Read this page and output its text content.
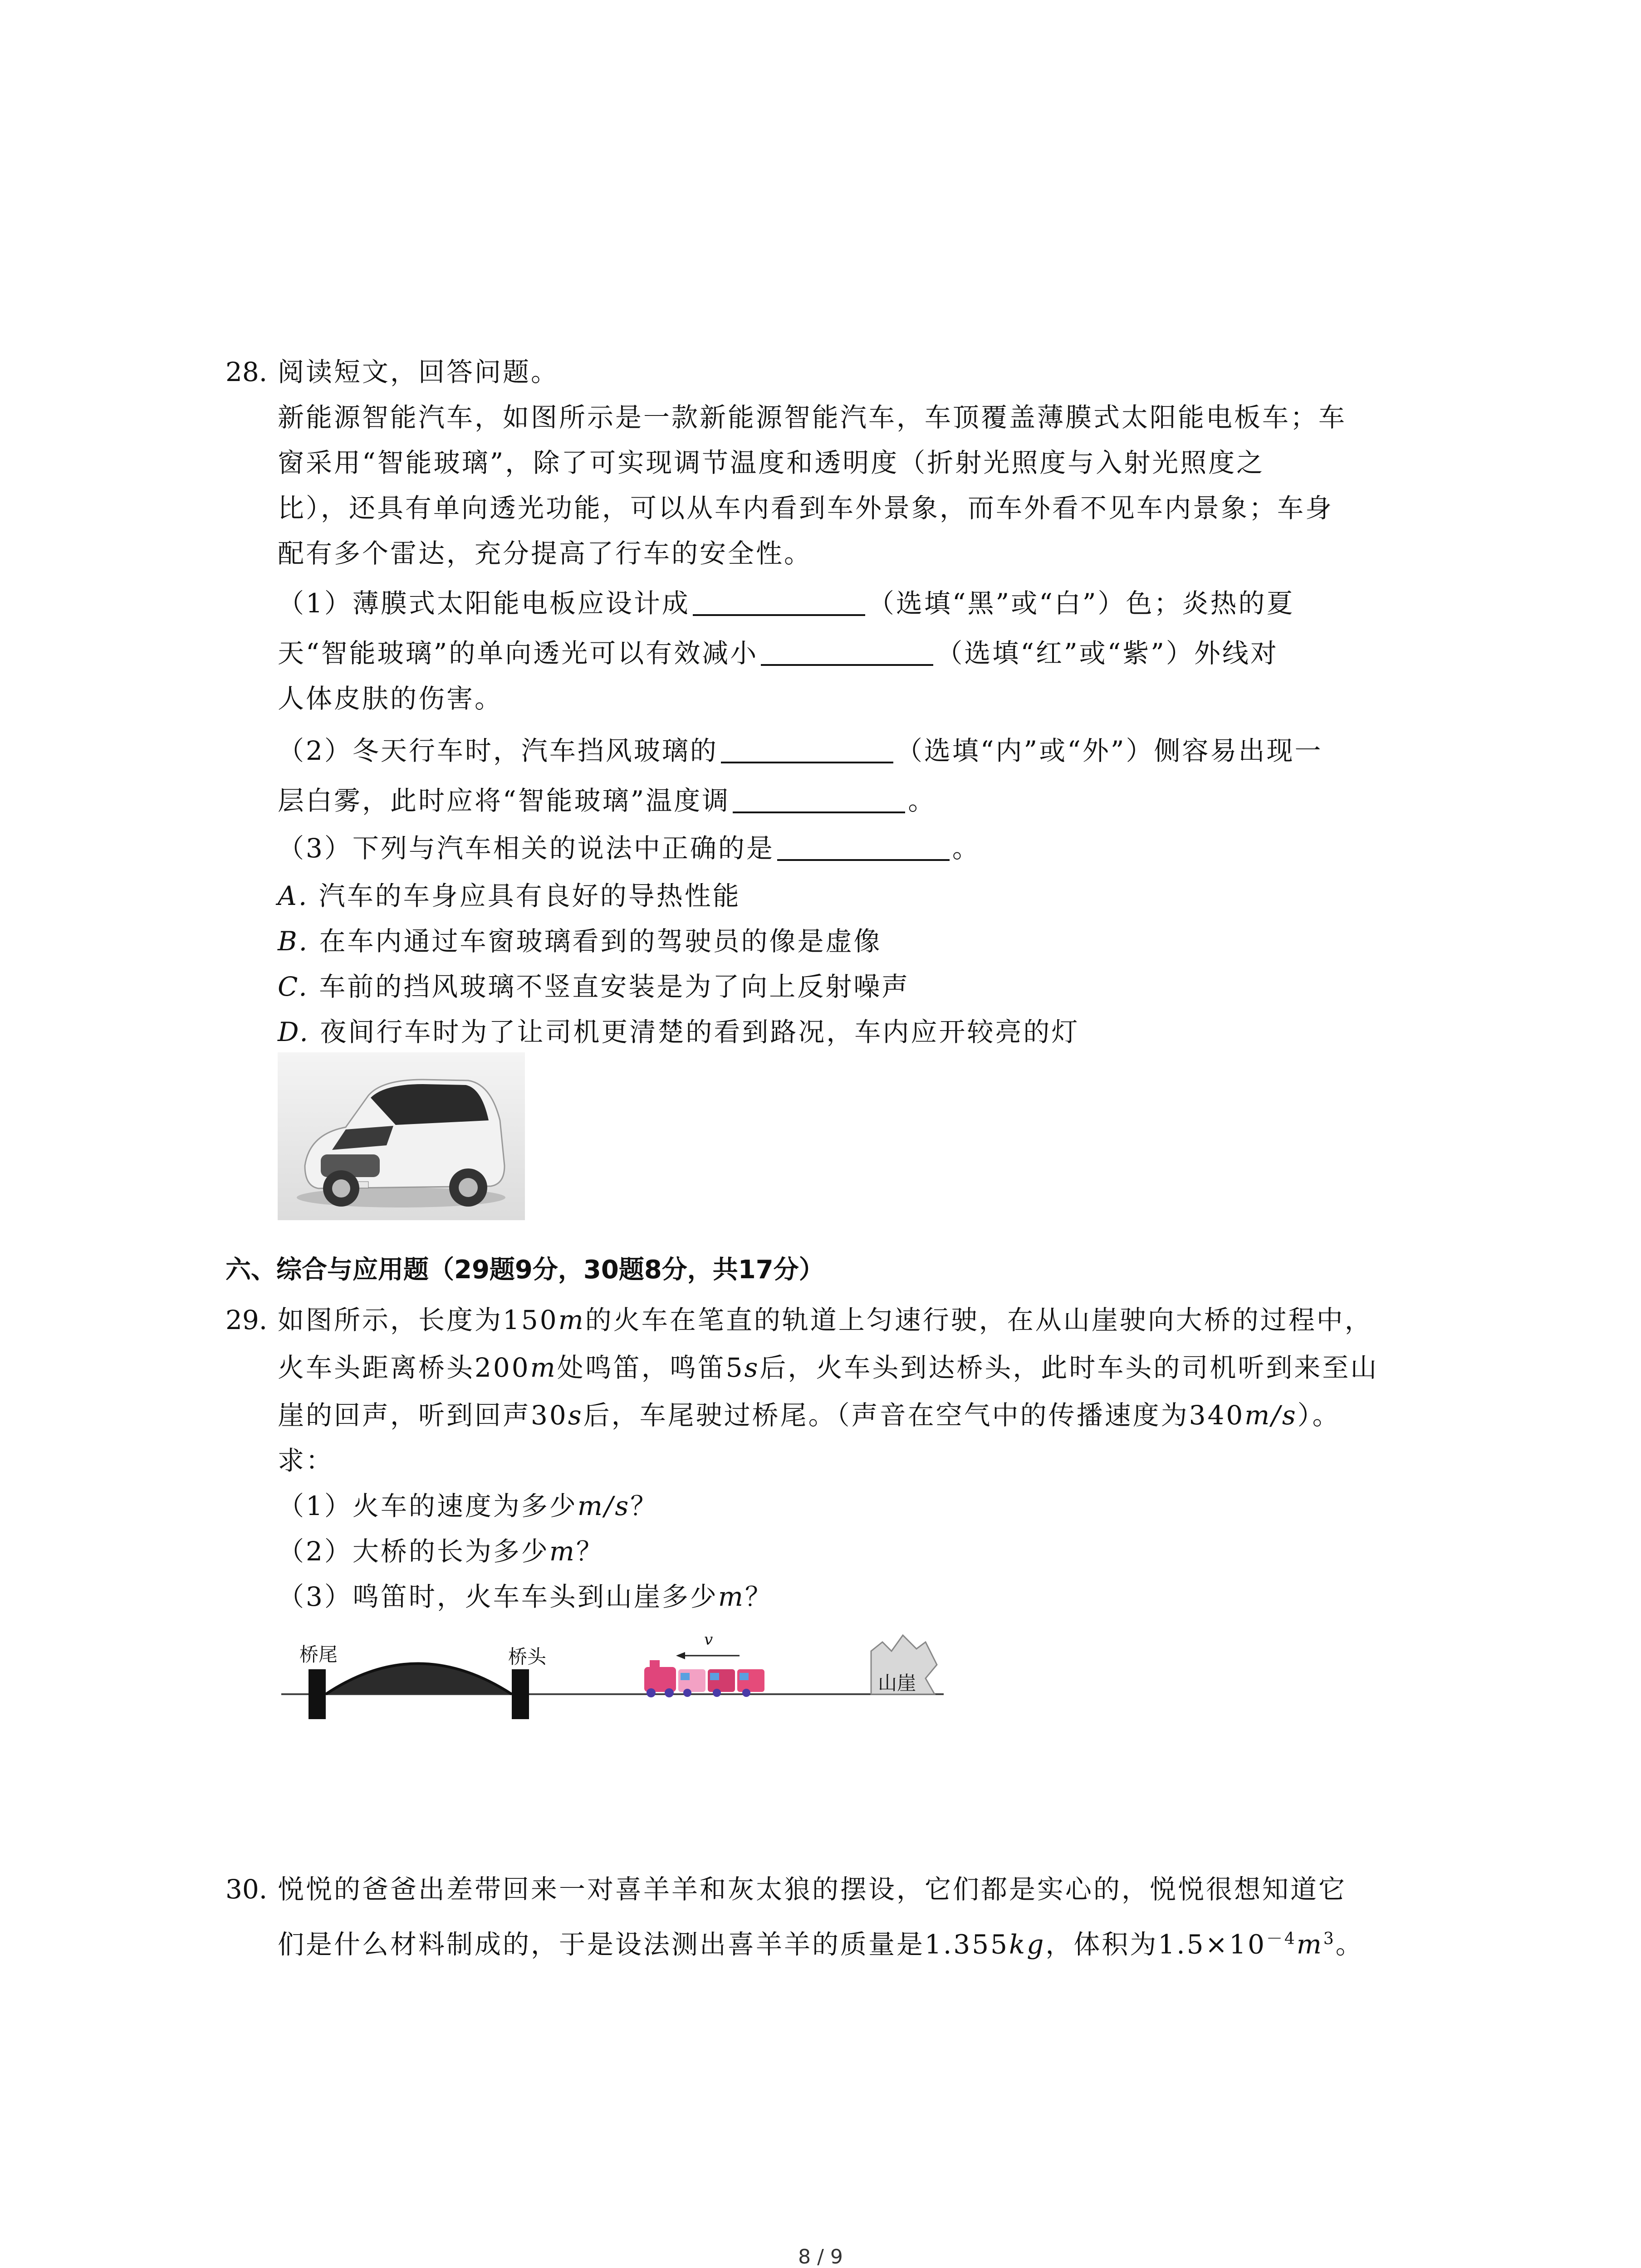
28. 阅读短文，回答问题。
新能源智能汽车，如图所示是一款新能源智能汽车，车顶覆盖薄膜式太阳能电板车；车
窗采用“智能玻璃”，除了可实现调节温度和透明度（折射光照度与入射光照度之
比），还具有单向透光功能，可以从车内看到车外景象，而车外看不见车内景象；车身
配有多个雷达，充分提高了行车的安全性。
（1）薄膜式太阳能电板应设计成	（选填“黑”或“白”）色；炎热的夏
天“智能玻璃”的单向透光可以有效减小	（选填“红”或“紫”）外线对
人体皮肤的伤害。
（2）冬天行车时，汽车挡风玻璃的	（选填“内”或“外”）侧容易出现一
层白雾，此时应将“智能玻璃”温度调	。
（3）下列与汽车相关的说法中正确的是	。
A. 汽车的车身应具有良好的导热性能
B. 在车内通过车窗玻璃看到的驾驶员的像是虚像
C. 车前的挡风玻璃不竖直安装是为了向上反射噪声
D. 夜间行车时为了让司机更清楚的看到路况，车内应开较亮的灯
六、综合与应用题（29题9分，30题8分，共17分）
29. 如图所示，长度为150m的火车在笔直的轨道上匀速行驶，在从山崖驶向大桥的过程中，
火车头距离桥头200m处鸣笛，鸣笛5s后，火车头到达桥头，此时车头的司机听到来至山
崖的回声，听到回声30s后，车尾驶过桥尾。（声音在空气中的传播速度为340m/s）。
求：
（1）火车的速度为多少m/s？
（2）大桥的长为多少m？
（3）鸣笛时，火车车头到山崖多少m？
桥尾	桥头
v
山崖
30. 悦悦的爸爸出差带回来一对喜羊羊和灰太狼的摆设，它们都是实心的，悦悦很想知道它
们是什么材料制成的，于是设法测出喜羊羊的质量是1.355kg，体积为$1.5\times 10^{-4}m^3$。
8 / 9
